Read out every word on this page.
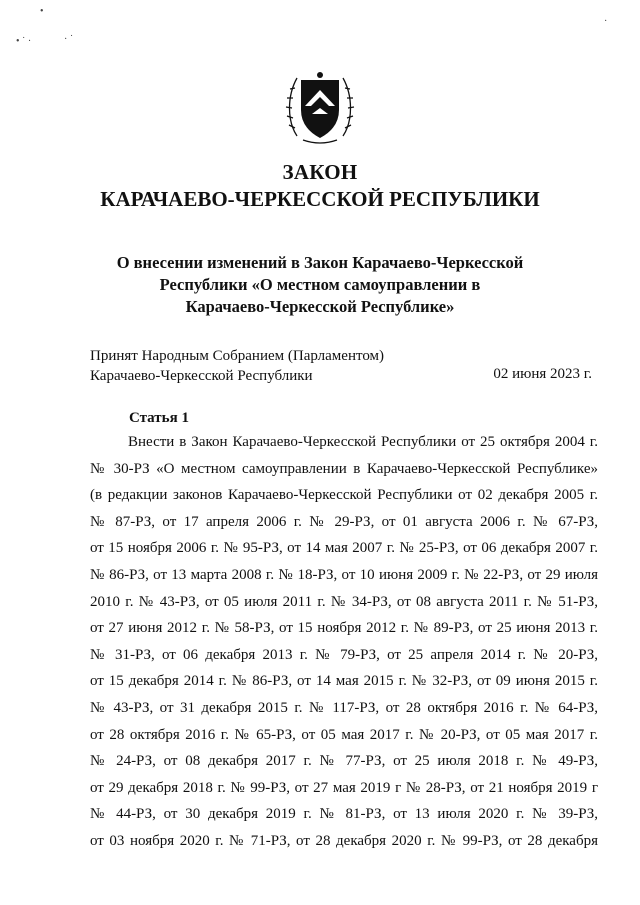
•
• ˙ ·	· ˙
·
ЗАКОН
КАРАЧАЕВО-ЧЕРКЕССКОЙ РЕСПУБЛИКИ
О внесении изменений в Закон Карачаево-Черкесской
Республики «О местном самоуправлении в
Карачаево-Черкесской Республике»
Принят Народным Собранием (Парламентом)
Карачаево-Черкесской Республики	02 июня 2023 г.
Статья 1
Внести в Закон Карачаево-Черкесской Республики от 25 октября 2004 г.
№ 30-РЗ «О местном самоуправлении в Карачаево-Черкесской Республике»
(в редакции законов Карачаево-Черкесской Республики от 02 декабря 2005 г.
№ 87-РЗ, от 17 апреля 2006 г. № 29-РЗ, от 01 августа 2006 г. № 67-РЗ,
от 15 ноября 2006 г. № 95-РЗ, от 14 мая 2007 г. № 25-РЗ, от 06 декабря 2007 г.
№ 86-РЗ, от 13 марта 2008 г. № 18-РЗ, от 10 июня 2009 г. № 22-РЗ, от 29 июля
2010 г. № 43-РЗ, от 05 июля 2011 г. № 34-РЗ, от 08 августа 2011 г. № 51-РЗ,
от 27 июня 2012 г. № 58-РЗ, от 15 ноября 2012 г. № 89-РЗ, от 25 июня 2013 г.
№ 31-РЗ, от 06 декабря 2013 г. № 79-РЗ, от 25 апреля 2014 г. № 20-РЗ,
от 15 декабря 2014 г. № 86-РЗ, от 14 мая 2015 г. № 32-РЗ, от 09 июня 2015 г.
№ 43-РЗ, от 31 декабря 2015 г. № 117-РЗ, от 28 октября 2016 г. № 64-РЗ,
от 28 октября 2016 г. № 65-РЗ, от 05 мая 2017 г. № 20-РЗ, от 05 мая 2017 г.
№ 24-РЗ, от 08 декабря 2017 г. № 77-РЗ, от 25 июля 2018 г. № 49-РЗ,
от 29 декабря 2018 г. № 99-РЗ, от 27 мая 2019 г № 28-РЗ, от 21 ноября 2019 г
№ 44-РЗ, от 30 декабря 2019 г. № 81-РЗ, от 13 июля 2020 г. № 39-РЗ,
от 03 ноября 2020 г. № 71-РЗ, от 28 декабря 2020 г. № 99-РЗ, от 28 декабря
